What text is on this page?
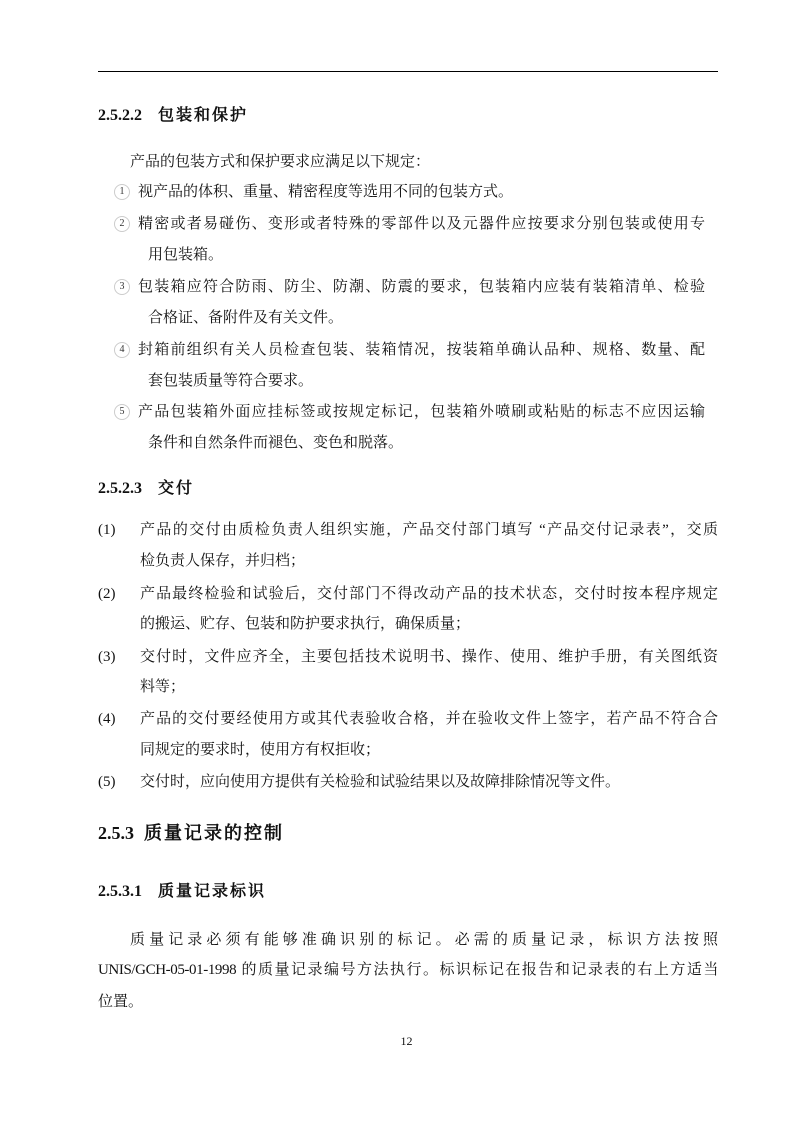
2.5.2.2 包装和保护
产品的包装方式和保护要求应满足以下规定：
1 视产品的体积、重量、精密程度等选用不同的包装方式。
2 精密或者易碰伤、变形或者特殊的零部件以及元器件应按要求分别包装或使用专
用包装箱。
3 包装箱应符合防雨、防尘、防潮、防震的要求，包装箱内应装有装箱清单、检验
合格证、备附件及有关文件。
4 封箱前组织有关人员检查包装、装箱情况，按装箱单确认品种、规格、数量、配
套包装质量等符合要求。
5 产品包装箱外面应挂标签或按规定标记，包装箱外喷刷或粘贴的标志不应因运输
条件和自然条件而褪色、变色和脱落。
2.5.2.3 交付
(1) 产品的交付由质检负责人组织实施，产品交付部门填写 “产品交付记录表”，交质
检负责人保存，并归档；
(2) 产品最终检验和试验后，交付部门不得改动产品的技术状态，交付时按本程序规定
的搬运、贮存、包装和防护要求执行，确保质量；
(3) 交付时，文件应齐全，主要包括技术说明书、操作、使用、维护手册，有关图纸资
料等；
(4) 产品的交付要经使用方或其代表验收合格，并在验收文件上签字，若产品不符合合
同规定的要求时，使用方有权拒收；
(5) 交付时，应向使用方提供有关检验和试验结果以及故障排除情况等文件。
2.5.3 质量记录的控制
2.5.3.1 质量记录标识
质量记录必须有能够准确识别的标记。必需的质量记录，标识方法按照
UNIS/GCH-05-01-1998 的质量记录编号方法执行。标识标记在报告和记录表的右上方适当
位置。
12
